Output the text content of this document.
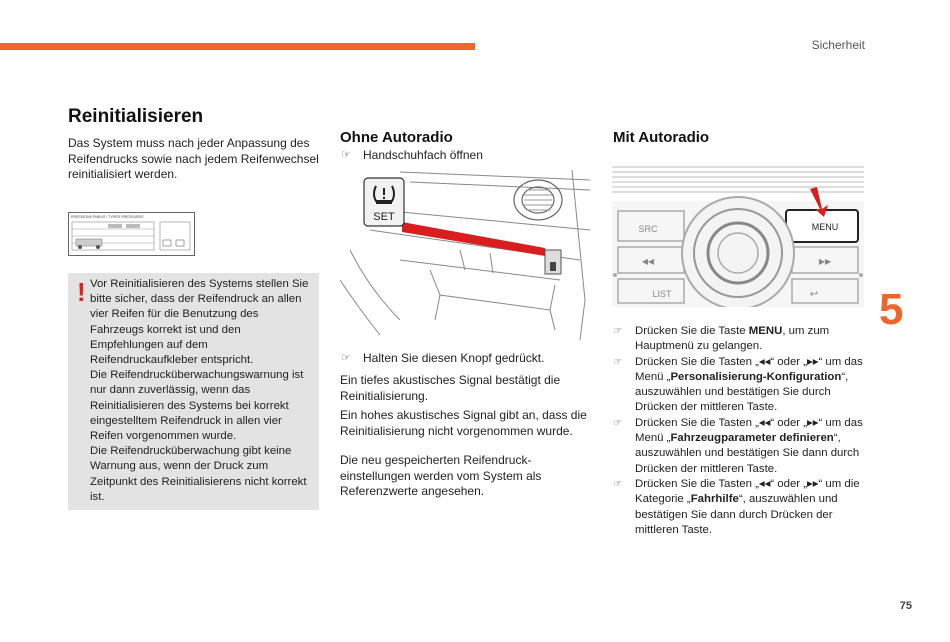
Sicherheit
Reinitialisieren

Das System muss nach jeder Anpassung des Reifendrucks sowie nach jedem Reifenwechsel reinitialisiert werden.

PRESSIONS PNEUS / TYRES PRESSURES
! Vor Reinitialisieren des Systems stellen Sie bitte sicher, dass der Reifendruck an allen vier Reifen für die Benutzung des Fahrzeugs korrekt ist und den Empfehlungen auf dem Reifendruckaufkleber entspricht.

Die Reifendrucküberwachungswarnung ist nur dann zuverlässig, wenn das Reinitialisieren des Systems bei korrekt eingestelltem Reifendruck in allen vier Reifen vorgenommen wurde.

Die Reifendrucküberwachung gibt keine Warnung aus, wenn der Druck zum Zeitpunkt des Reinitialisierens nicht korrekt ist.

Ohne Autoradio
☞ Handschuhfach öffnen
SET
☞ Halten Sie diesen Knopf gedrückt.

Ein tiefes akustisches Signal bestätigt die Reinitialisierung.

Ein hohes akustisches Signal gibt an, dass die Reinitialisierung nicht vorgenommen wurde.

Die neu gespeicherten Reifendruck-einstellungen werden vom System als Referenzwerte angesehen.

Mit Autoradio
SRC	MENU
◀◀	▶▶
LIST	↩ 5
☞ Drücken Sie die Taste MENU, um zum Hauptmenü zu gelangen.
☞ Drücken Sie die Tasten „◂◂“ oder „▸▸“ um das Menü „Personalisierung-Konfiguration“, auszuwählen und bestätigen Sie durch Drücken der mittleren Taste.
☞ Drücken Sie die Tasten „◂◂“ oder „▸▸“ um das Menü „Fahrzeugparameter definieren“, auszuwählen und bestätigen Sie dann durch Drücken der mittleren Taste.
☞ Drücken Sie die Tasten „◂◂“ oder „▸▸“ um die Kategorie „Fahrhilfe“, auszuwählen und bestätigen Sie dann durch Drücken der mittleren Taste.
75
